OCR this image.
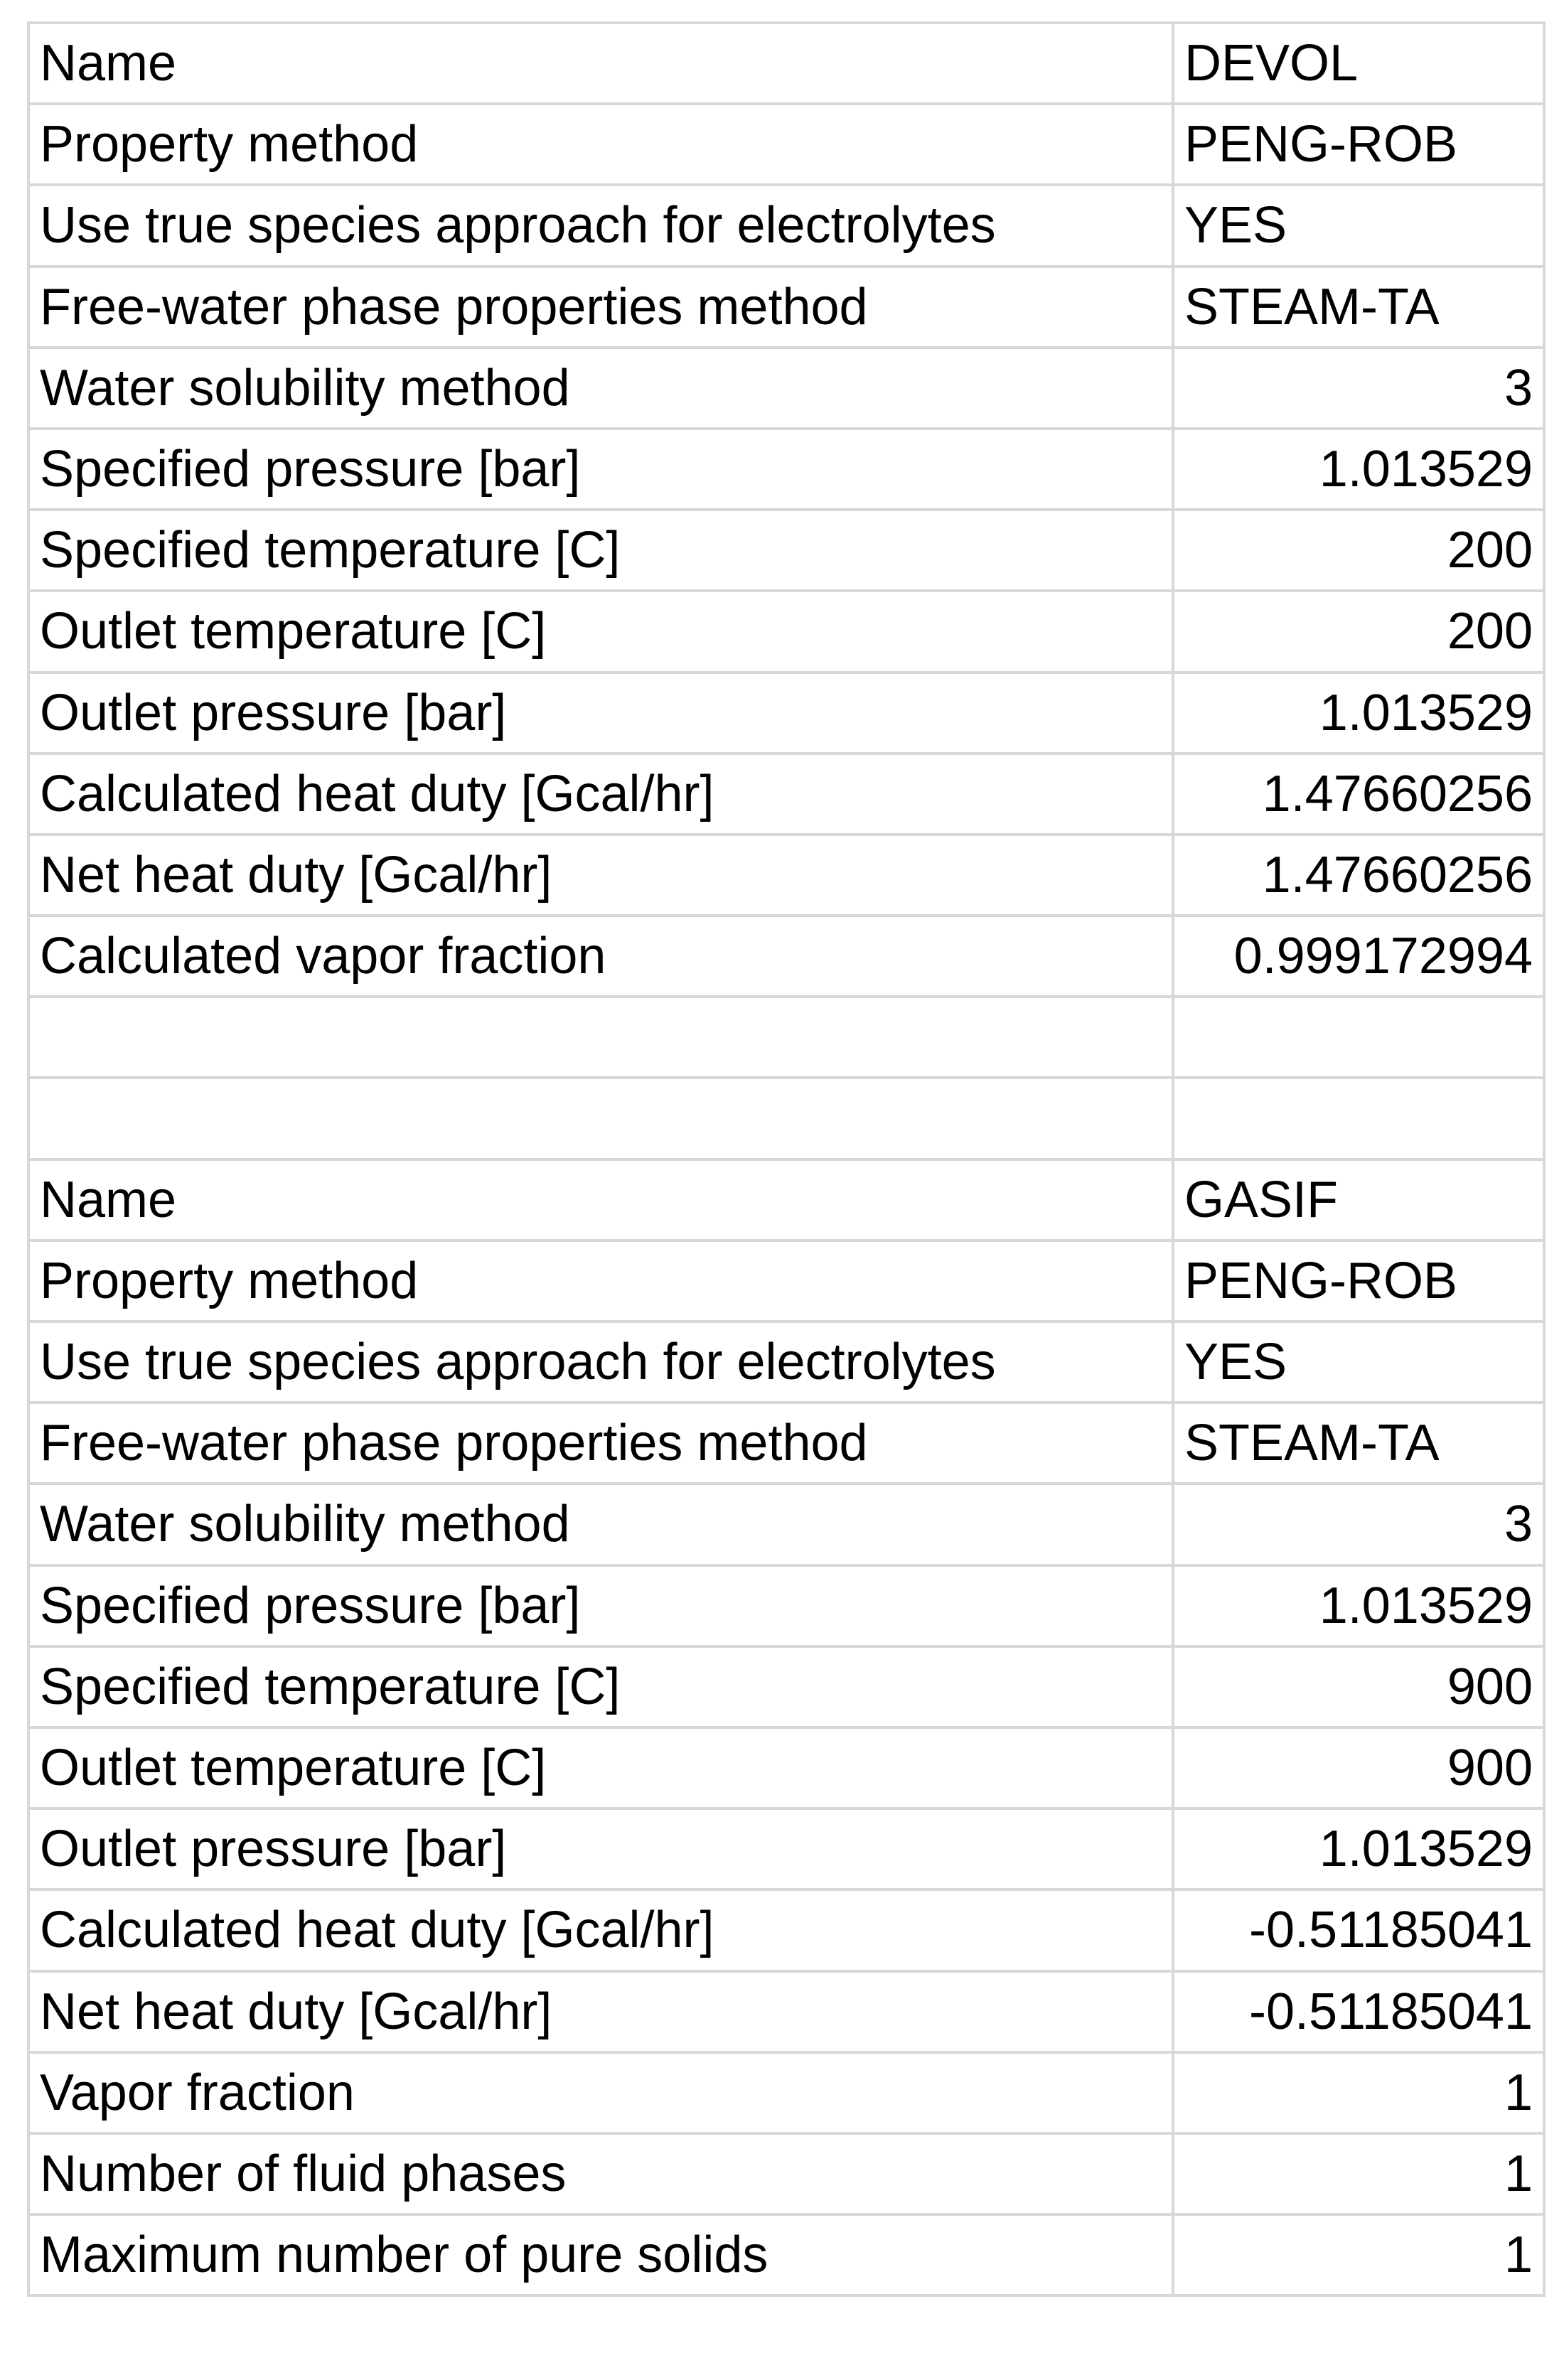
Name	DEVOL
Property method	PENG-ROB
Use true species approach for electrolytes	YES
Free-water phase properties method	STEAM-TA
Water solubility method	3
Specified pressure [bar]	1.013529
Specified temperature [C]	200
Outlet temperature [C]	200
Outlet pressure [bar]	1.013529
Calculated heat duty [Gcal/hr]	1.47660256
Net heat duty [Gcal/hr]	1.47660256
Calculated vapor fraction	0.999172994

Name	GASIF
Property method	PENG-ROB
Use true species approach for electrolytes	YES
Free-water phase properties method	STEAM-TA
Water solubility method	3
Specified pressure [bar]	1.013529
Specified temperature [C]	900
Outlet temperature [C]	900
Outlet pressure [bar]	1.013529
Calculated heat duty [Gcal/hr]	-0.51185041
Net heat duty [Gcal/hr]	-0.51185041
Vapor fraction	1
Number of fluid phases	1
Maximum number of pure solids	1
